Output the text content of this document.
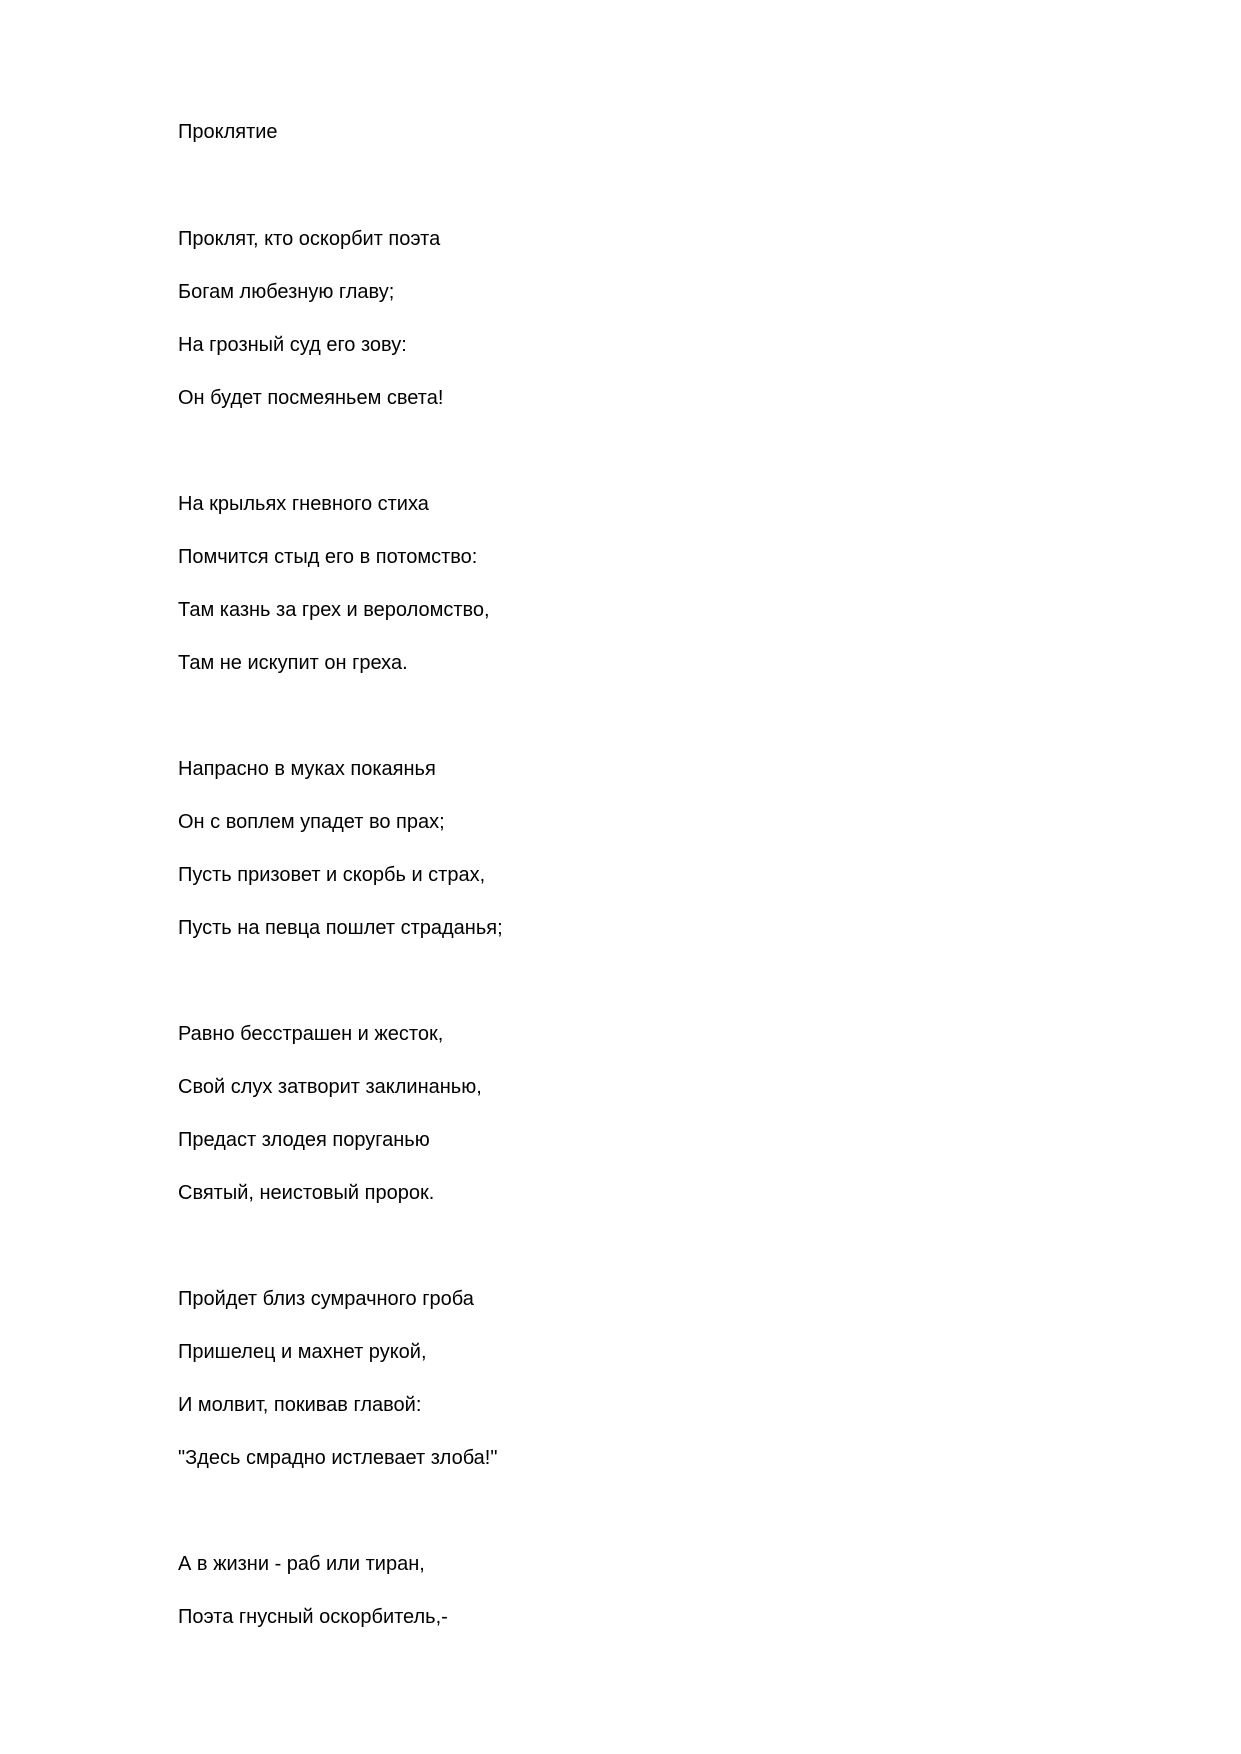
Проклятие

Проклят, кто оскорбит поэта

Богам любезную главу;

На грозный суд его зову:

Он будет посмеяньем света!

На крыльях гневного стиха

Помчится стыд его в потомство:

Там казнь за грех и вероломство,

Там не искупит он греха.

Напрасно в муках покаянья

Он с воплем упадет во прах;

Пусть призовет и скорбь и страх,

Пусть на певца пошлет страданья;

Равно бесстрашен и жесток,

Свой слух затворит заклинанью,

Предаст злодея поруганью

Святый, неистовый пророк.

Пройдет близ сумрачного гроба

Пришелец и махнет рукой,

И молвит, покивав главой:

"Здесь смрадно истлевает злоба!"

А в жизни - раб или тиран,

Поэта гнусный оскорбитель,-
